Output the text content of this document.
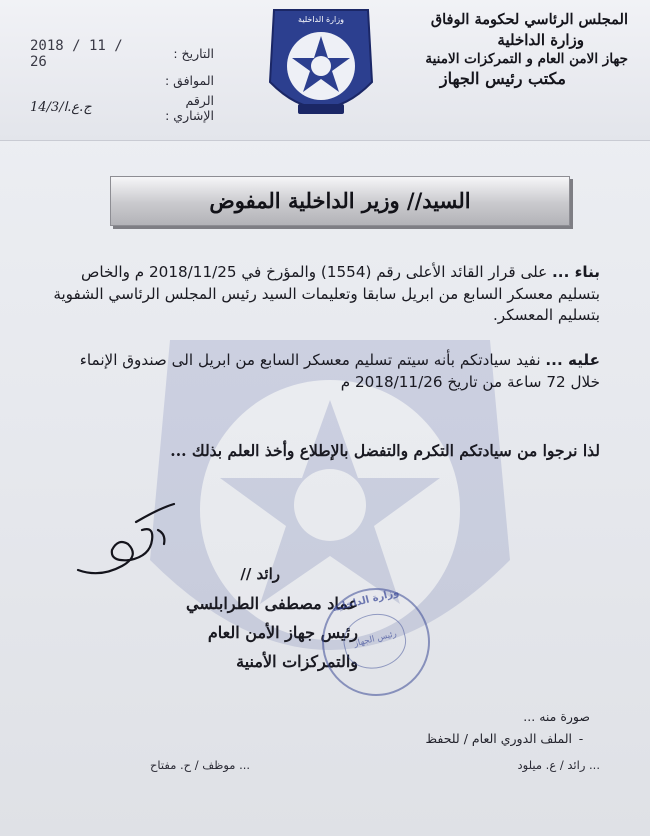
المجلس الرئاسي لحكومة الوفاق
وزارة الداخلية
جهاز الامن العام و التمركزات الامنية
مكتب رئيس الجهاز
وزارة الداخلية
التاريخ :
2018 / 11 / 26
الموافق :
الرقم الإشاري :
ج.ع.ا/14/3
السيد// وزير الداخلية المفوض
بناء ... على قرار القائد الأعلى رقم (1554) والمؤرخ في 2018/11/25 م والخاص بتسليم معسكر السابع من ابريل سابقا وتعليمات السيد رئيس المجلس الرئاسي الشفوية بتسليم المعسكر.
عليه ... نفيد سيادتكم بأنه سيتم تسليم معسكر السابع من ابريل الى صندوق الإنماء خلال 72 ساعة من تاريخ 2018/11/26 م
لذا نرجوا من سيادتكم التكرم والتفضل بالإطلاع وأخذ العلم بذلك ...
رائد //
عماد مصطفى الطرابلسي
رئيس جهاز الأمن العام
والتمركزات الأمنية
وزارة الداخلية
رئيس الجهاز
صورة منه ...
-الملف الدوري العام / للحفظ
... رائد / ع. ميلود
... موظف / ح. مفتاح
